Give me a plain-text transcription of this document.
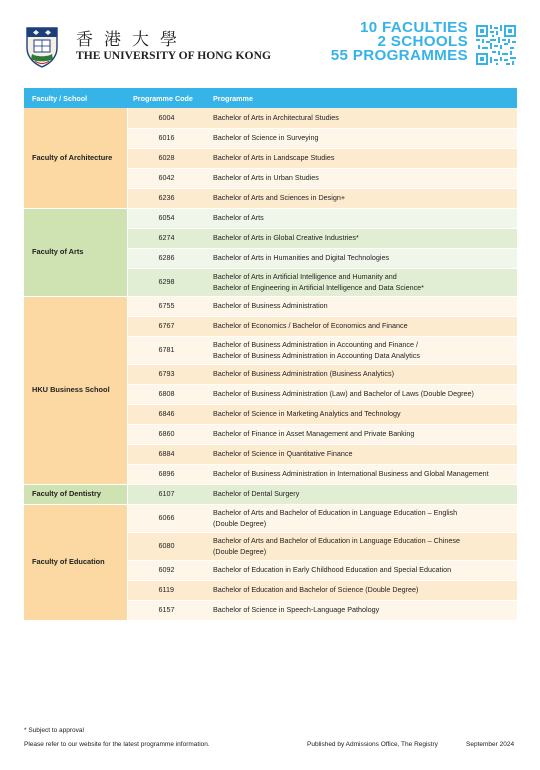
香港大學
THE UNIVERSITY OF HONG KONG
10 FACULTIES
2 SCHOOLS
55 PROGRAMMES
Faculty / School	Programme Code	Programme
Faculty of Architecture	6004	Bachelor of Arts in Architectural Studies
	6016	Bachelor of Science in Surveying
	6028	Bachelor of Arts in Landscape Studies
	6042	Bachelor of Arts in Urban Studies
	6236	Bachelor of Arts and Sciences in Design+
Faculty of Arts	6054	Bachelor of Arts
	6274	Bachelor of Arts in Global Creative Industries*
	6286	Bachelor of Arts in Humanities and Digital Technologies
	6298	Bachelor of Arts in Artificial Intelligence and Humanity and
Bachelor of Engineering in Artificial Intelligence and Data Science*

HKU Business School	6755	Bachelor of Business Administration
	6767	Bachelor of Economics / Bachelor of Economics and Finance
	6781	Bachelor of Business Administration in Accounting and Finance /
Bachelor of Business Administration in Accounting Data Analytics

	6793	Bachelor of Business Administration (Business Analytics)
	6808	Bachelor of Business Administration (Law) and Bachelor of Laws (Double Degree)
	6846	Bachelor of Science in Marketing Analytics and Technology
	6860	Bachelor of Finance in Asset Management and Private Banking
	6884	Bachelor of Science in Quantitative Finance
	6896	Bachelor of Business Administration in International Business and Global Management
Faculty of Dentistry	6107	Bachelor of Dental Surgery
Faculty of Education	6066	Bachelor of Arts and Bachelor of Education in Language Education – English
(Double Degree)

	6080	Bachelor of Arts and Bachelor of Education in Language Education – Chinese
(Double Degree)

	6092	Bachelor of Education in Early Childhood Education and Special Education
	6119	Bachelor of Education and Bachelor of Science (Double Degree)
	6157	Bachelor of Science in Speech-Language Pathology
* Subject to approval
Please refer to our website for the latest programme information.	Published by Admissions Office, The Registry	September 2024
